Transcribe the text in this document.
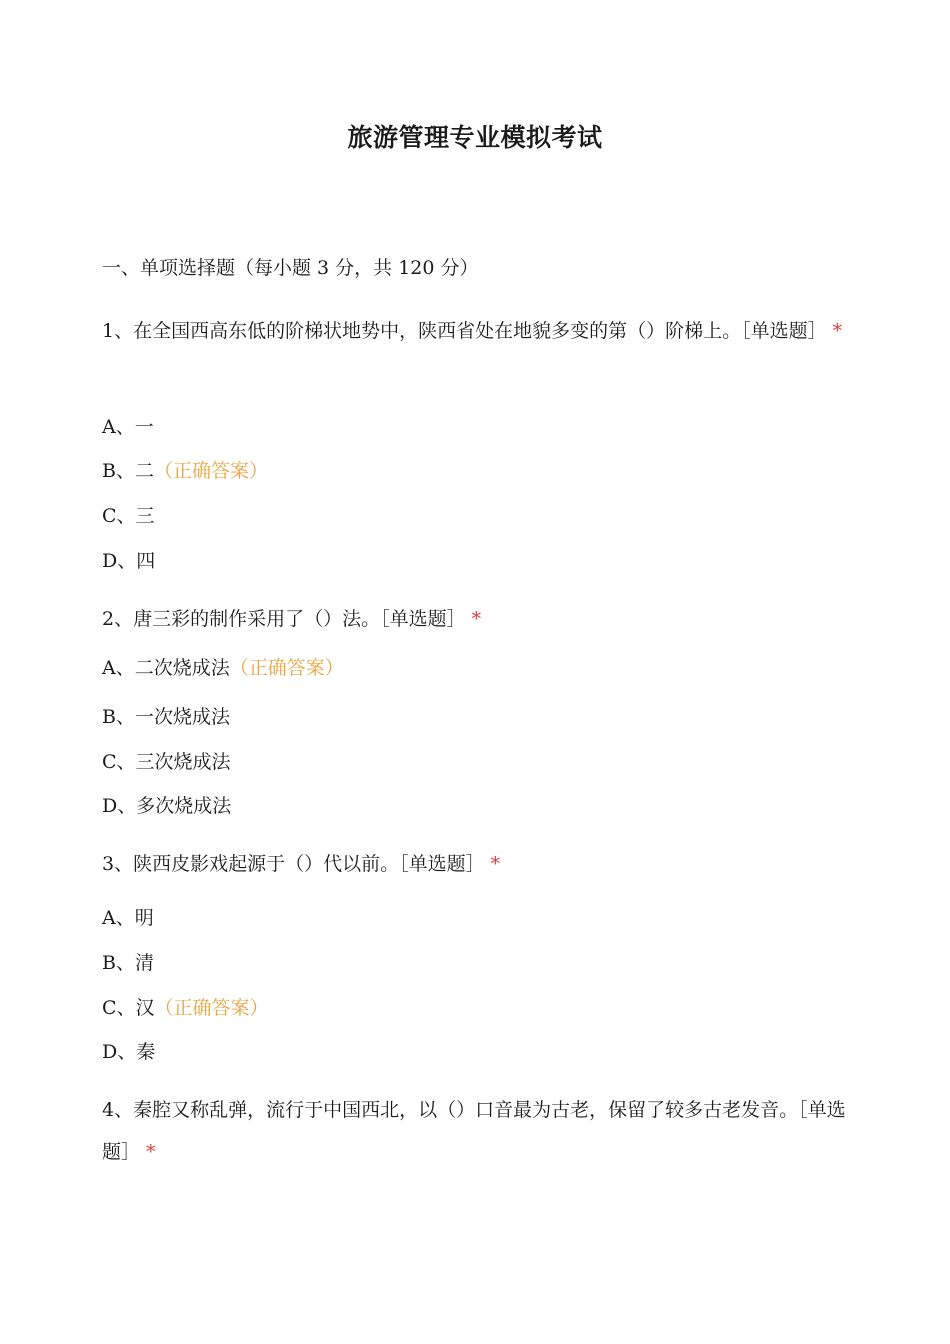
旅游管理专业模拟考试
一、单项选择题（每小题 3 分，共 120 分）
1、在全国西高东低的阶梯状地势中，陕西省处在地貌多变的第（）阶梯上。［单选题］ *
A、一
B、二（正确答案）
C、三
D、四
2、唐三彩的制作采用了（）法。［单选题］ *
A、二次烧成法（正确答案）
B、一次烧成法
C、三次烧成法
D、多次烧成法
3、陕西皮影戏起源于（）代以前。［单选题］ *
A、明
B、清
C、汉（正确答案）
D、秦
4、秦腔又称乱弹，流行于中国西北，以（）口音最为古老，保留了较多古老发音。［单选题］ *
